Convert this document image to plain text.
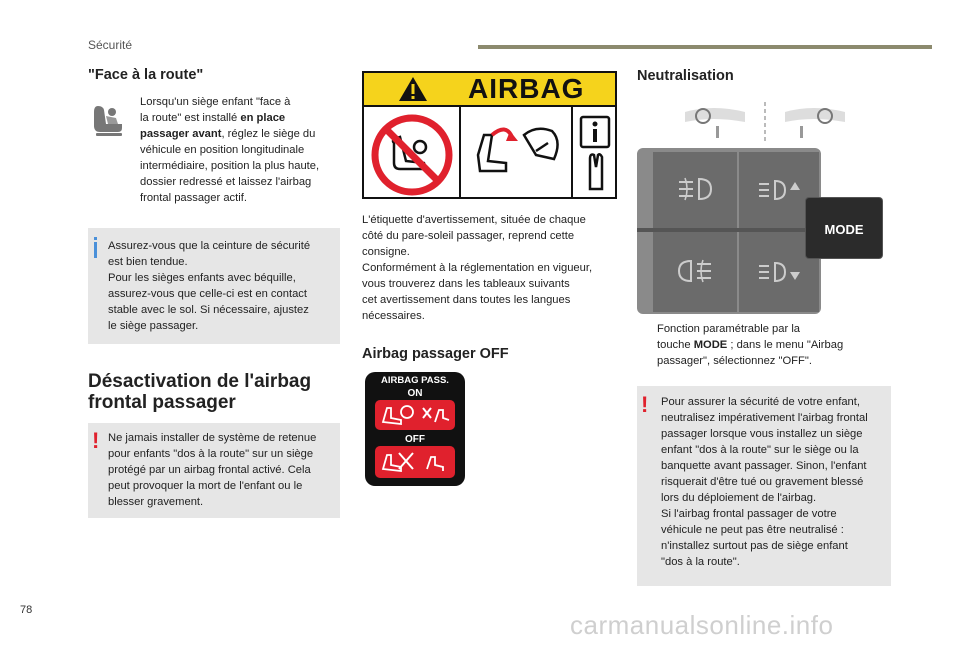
Sécurité
"Face à la route"
Lorsqu'un siège enfant "face à
la route" est installé en place
passager avant, réglez le siège du
véhicule en position longitudinale
intermédiaire, position la plus haute,
dossier redressé et laissez l'airbag
frontal passager actif.
Assurez-vous que la ceinture de sécurité
est bien tendue.
Pour les sièges enfants avec béquille,
assurez-vous que celle-ci est en contact
stable avec le sol. Si nécessaire, ajustez
le siège passager.
Désactivation de l'airbag
frontal passager
! Ne jamais installer de système de retenue
pour enfants "dos à la route" sur un siège
protégé par un airbag frontal activé. Cela
peut provoquer la mort de l'enfant ou le
blesser gravement.
AIRBAG
L'étiquette d'avertissement, située de chaque
côté du pare-soleil passager, reprend cette
consigne.
Conformément à la réglementation en vigueur,
vous trouverez dans les tableaux suivants
cet avertissement dans toutes les langues
nécessaires.
Airbag passager OFF
AIRBAG PASS.
ON
OFF
Neutralisation
MODE
Fonction paramétrable par la
touche MODE ; dans le menu "Airbag
passager", sélectionnez "OFF".
! Pour assurer la sécurité de votre enfant,
neutralisez impérativement l'airbag frontal
passager lorsque vous installez un siège
enfant "dos à la route" sur le siège ou la
banquette avant passager. Sinon, l'enfant
risquerait d'être tué ou gravement blessé
lors du déploiement de l'airbag.
Si l'airbag frontal passager de votre
véhicule ne peut pas être neutralisé :
n'installez surtout pas de siège enfant
"dos à la route".
78	carmanualsonline.info
